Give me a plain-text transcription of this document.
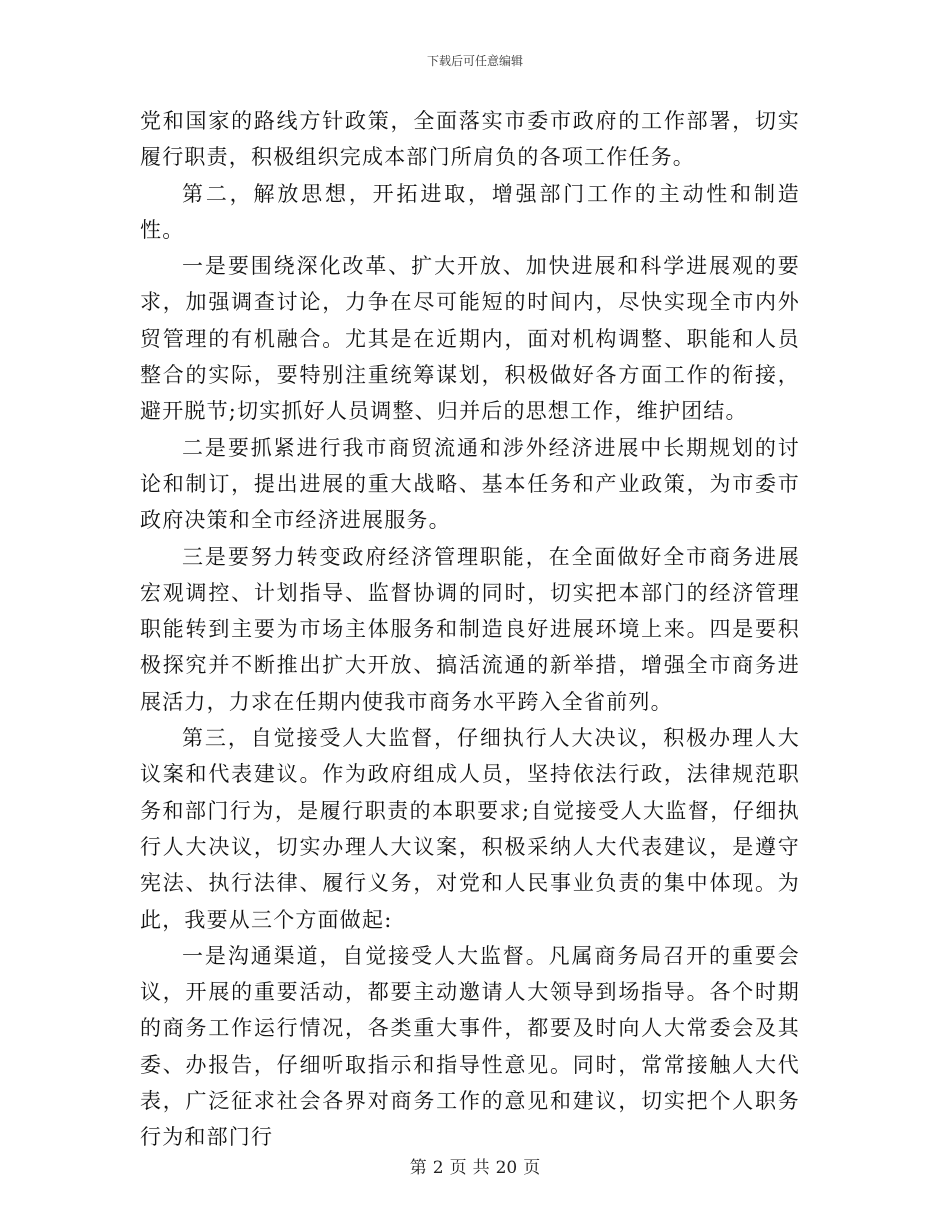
下载后可任意编辑

党和国家的路线方针政策，全面落实市委市政府的工作部署，切实履行职责，积极组织完成本部门所肩负的各项工作任务。

第二，解放思想，开拓进取，增强部门工作的主动性和制造性。

一是要围绕深化改革、扩大开放、加快进展和科学进展观的要求，加强调查讨论，力争在尽可能短的时间内，尽快实现全市内外贸管理的有机融合。尤其是在近期内，面对机构调整、职能和人员整合的实际，要特别注重统筹谋划，积极做好各方面工作的衔接，避开脱节;切实抓好人员调整、归并后的思想工作，维护团结。

二是要抓紧进行我市商贸流通和涉外经济进展中长期规划的讨论和制订，提出进展的重大战略、基本任务和产业政策，为市委市政府决策和全市经济进展服务。

三是要努力转变政府经济管理职能，在全面做好全市商务进展宏观调控、计划指导、监督协调的同时，切实把本部门的经济管理职能转到主要为市场主体服务和制造良好进展环境上来。四是要积极探究并不断推出扩大开放、搞活流通的新举措，增强全市商务进展活力，力求在任期内使我市商务水平跨入全省前列。

第三，自觉接受人大监督，仔细执行人大决议，积极办理人大议案和代表建议。作为政府组成人员，坚持依法行政，法律规范职务和部门行为，是履行职责的本职要求;自觉接受人大监督，仔细执行人大决议，切实办理人大议案，积极采纳人大代表建议，是遵守宪法、执行法律、履行义务，对党和人民事业负责的集中体现。为此，我要从三个方面做起:

一是沟通渠道，自觉接受人大监督。凡属商务局召开的重要会议，开展的重要活动，都要主动邀请人大领导到场指导。各个时期的商务工作运行情况，各类重大事件，都要及时向人大常委会及其委、办报告，仔细听取指示和指导性意见。同时，常常接触人大代表，广泛征求社会各界对商务工作的意见和建议，切实把个人职务行为和部门行

第 2 页 共 20 页
